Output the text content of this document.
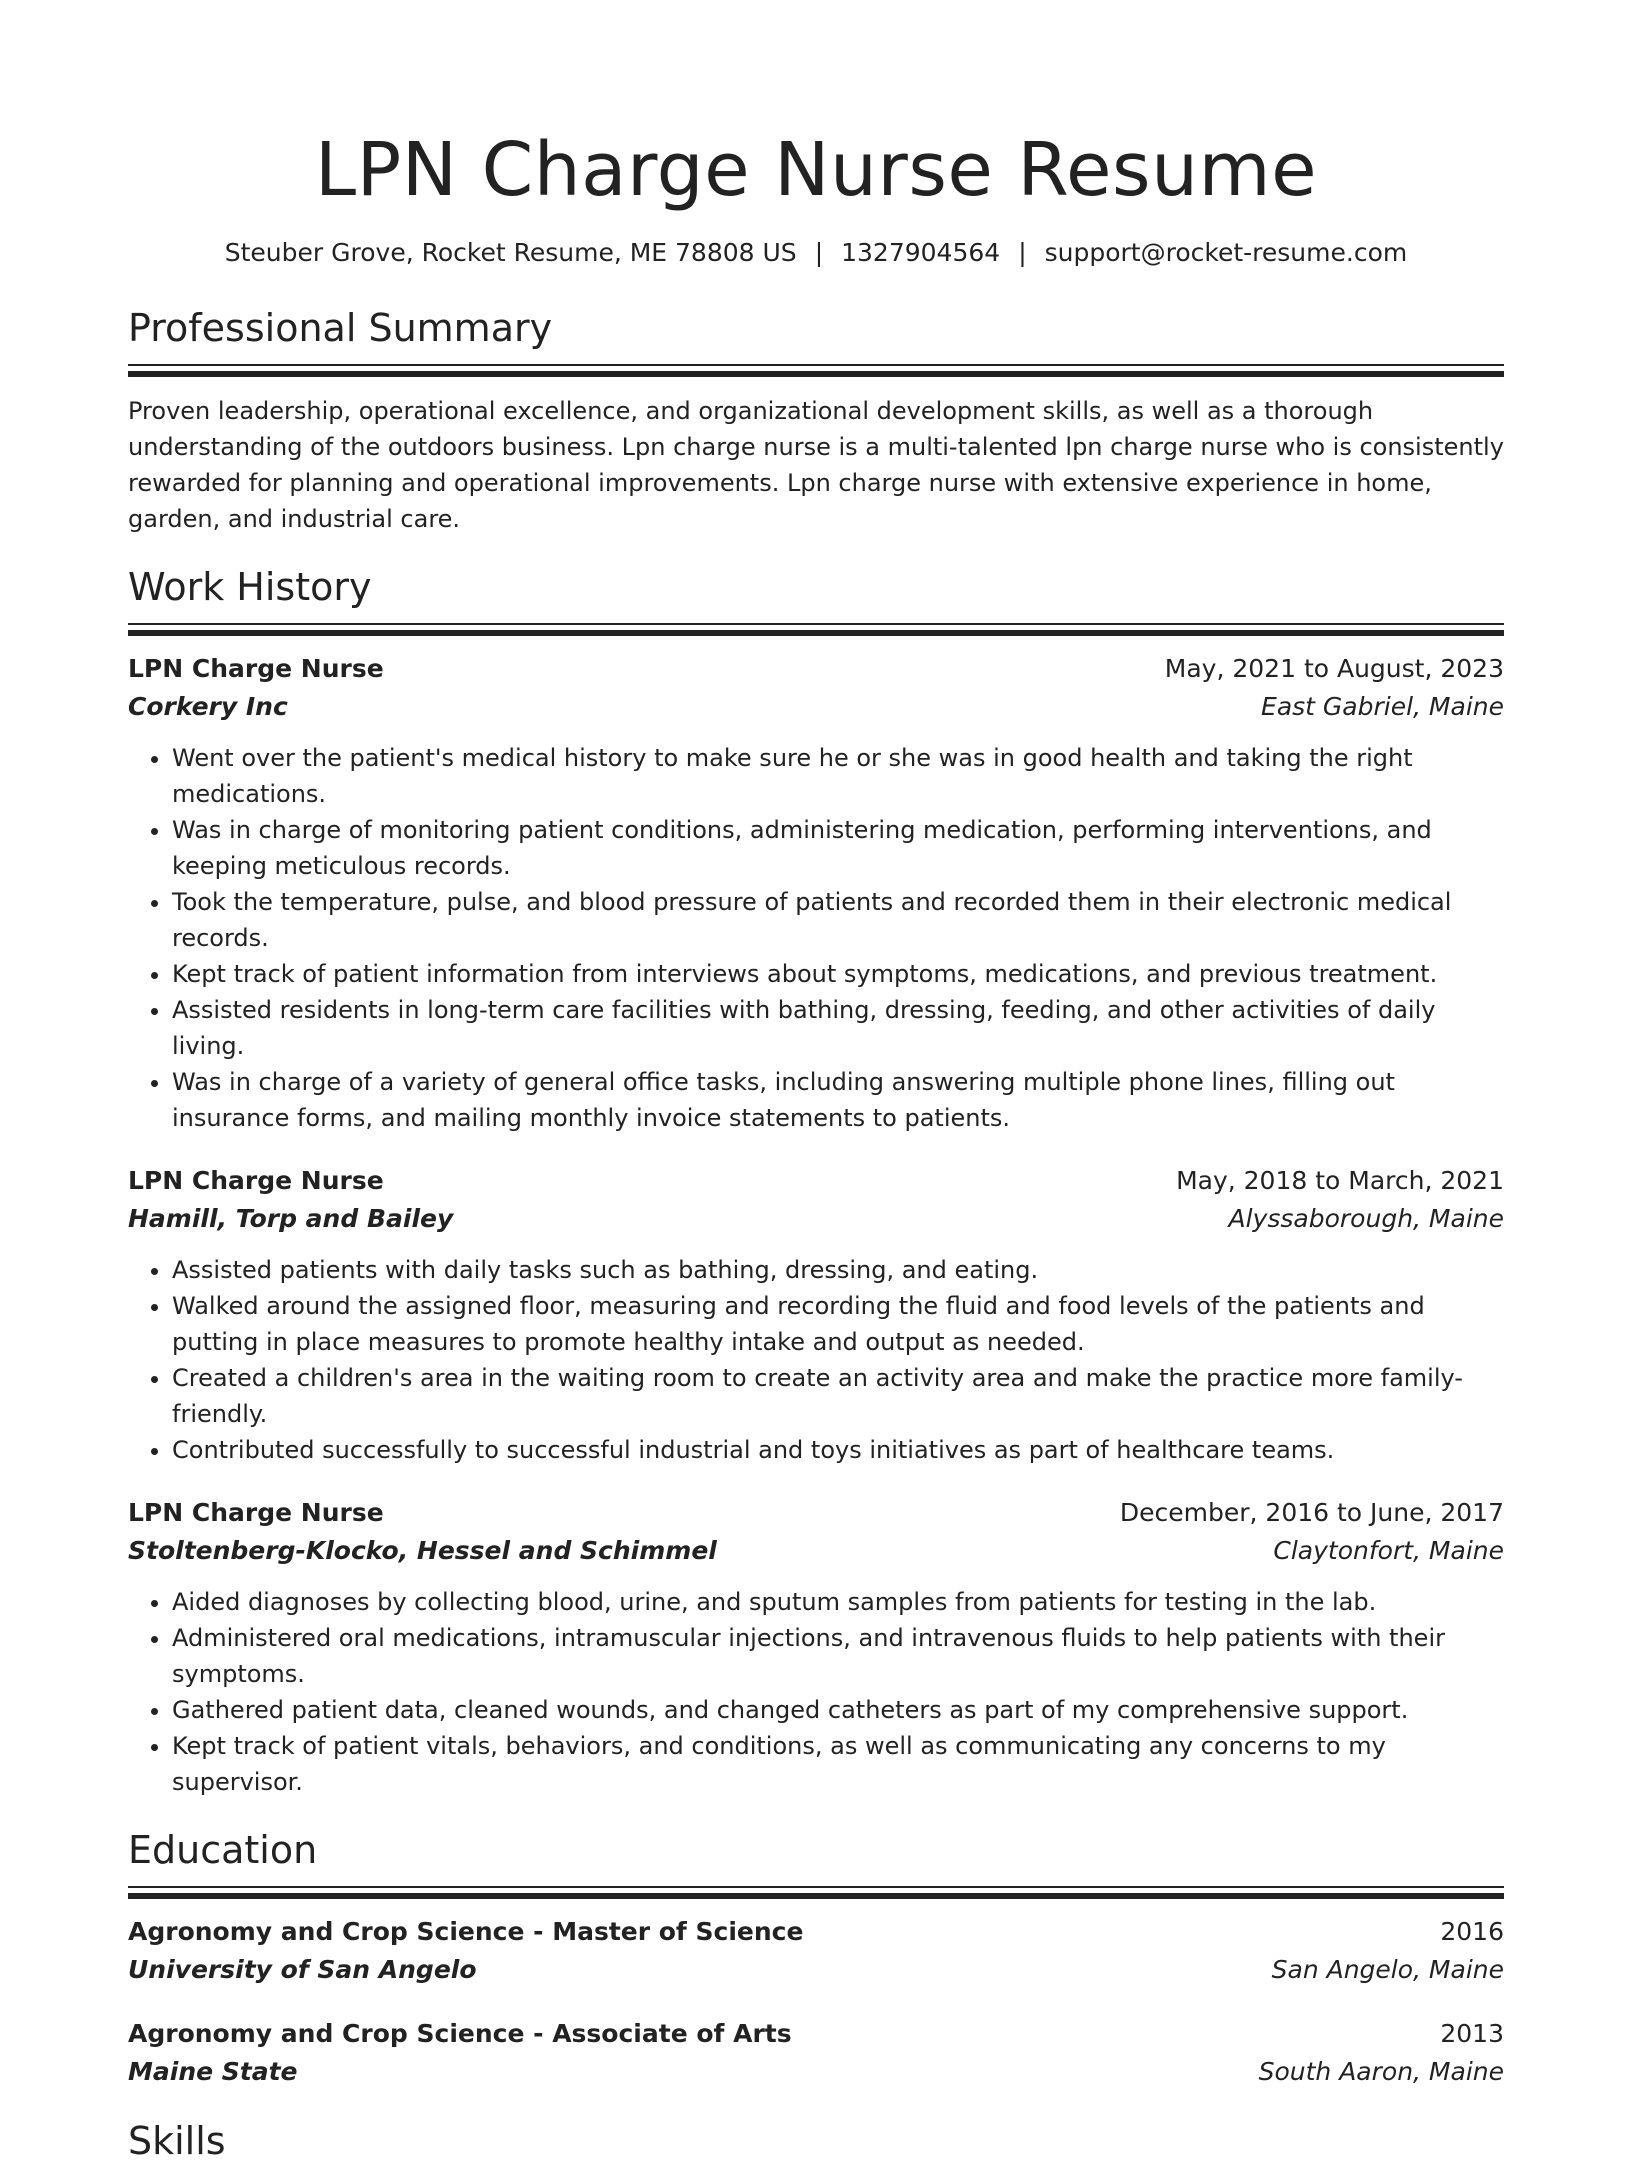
LPN Charge Nurse Resume
Steuber Grove, Rocket Resume, ME 78808 US | 1327904564 | support@rocket-resume.com
Professional Summary

Proven leadership, operational excellence, and organizational development skills, as well as a thorough understanding of the outdoors business. Lpn charge nurse is a multi-talented lpn charge nurse who is consistently rewarded for planning and operational improvements. Lpn charge nurse with extensive experience in home, garden, and industrial care.

Work History
LPN Charge Nurse	May, 2021 to August, 2023
Corkery Inc	East Gabriel, Maine
• Went over the patient's medical history to make sure he or she was in good health and taking the right medications.
• Was in charge of monitoring patient conditions, administering medication, performing interventions, and keeping meticulous records.
• Took the temperature, pulse, and blood pressure of patients and recorded them in their electronic medical records.
• Kept track of patient information from interviews about symptoms, medications, and previous treatment.
• Assisted residents in long-term care facilities with bathing, dressing, feeding, and other activities of daily living.
• Was in charge of a variety of general office tasks, including answering multiple phone lines, filling out insurance forms, and mailing monthly invoice statements to patients.
LPN Charge Nurse	May, 2018 to March, 2021
Hamill, Torp and Bailey	Alyssaborough, Maine
• Assisted patients with daily tasks such as bathing, dressing, and eating.
• Walked around the assigned floor, measuring and recording the fluid and food levels of the patients and putting in place measures to promote healthy intake and output as needed.
• Created a children's area in the waiting room to create an activity area and make the practice more family-friendly.
• Contributed successfully to successful industrial and toys initiatives as part of healthcare teams.
LPN Charge Nurse	December, 2016 to June, 2017
Stoltenberg-Klocko, Hessel and Schimmel	Claytonfort, Maine
• Aided diagnoses by collecting blood, urine, and sputum samples from patients for testing in the lab.
• Administered oral medications, intramuscular injections, and intravenous fluids to help patients with their symptoms.
• Gathered patient data, cleaned wounds, and changed catheters as part of my comprehensive support.
• Kept track of patient vitals, behaviors, and conditions, as well as communicating any concerns to my supervisor.
Education
Agronomy and Crop Science - Master of Science	2016
University of San Angelo	San Angelo, Maine
Agronomy and Crop Science - Associate of Arts	2013
Maine State	South Aaron, Maine
Skills
